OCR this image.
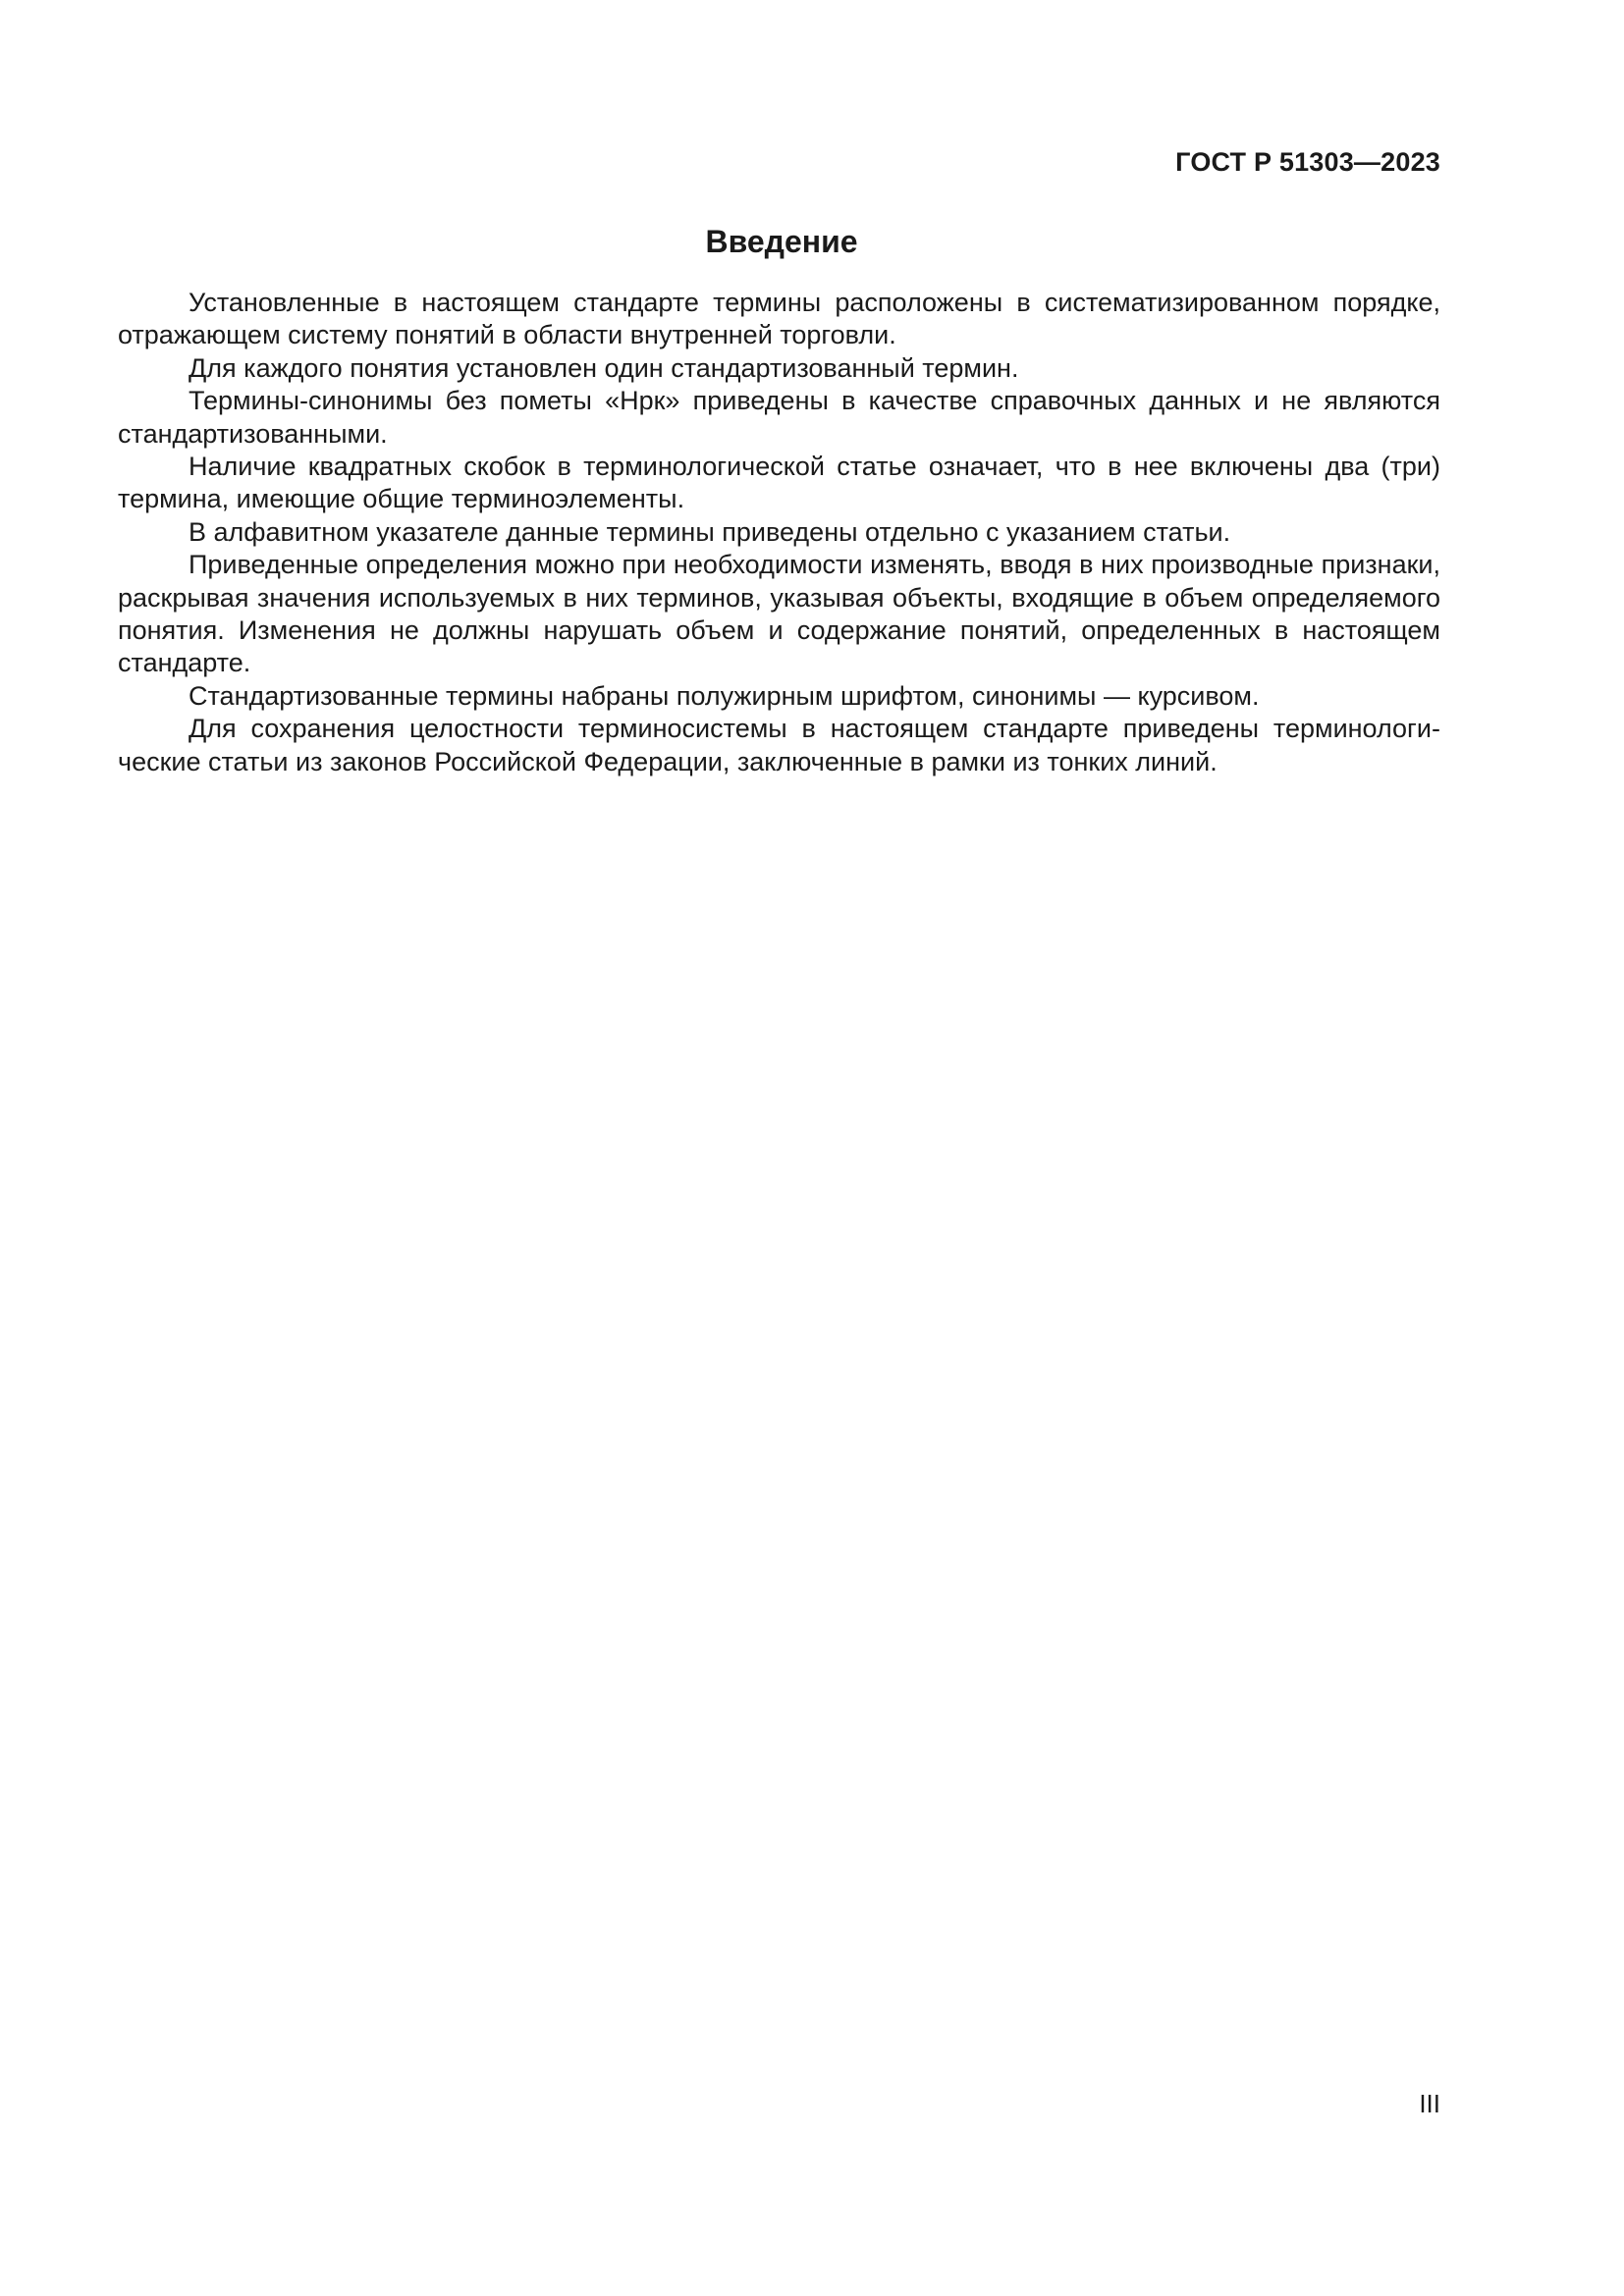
ГОСТ Р 51303—2023
Введение

Установленные в настоящем стандарте термины расположены в систематизированном порядке, отражающем систему понятий в области внутренней торговли.

Для каждого понятия установлен один стандартизованный термин.

Термины-синонимы без пометы «Нрк» приведены в качестве справочных данных и не являются стандартизованными.

Наличие квадратных скобок в терминологической статье означает, что в нее включены два (три) термина, имеющие общие терминоэлементы.

В алфавитном указателе данные термины приведены отдельно с указанием статьи.

Приведенные определения можно при необходимости изменять, вводя в них производные признаки, раскрывая значения используемых в них терминов, указывая объекты, входящие в объем определяемого понятия. Изменения не должны нарушать объем и содержание понятий, определенных в настоящем стандарте.

Стандартизованные термины набраны полужирным шрифтом, синонимы — курсивом.

Для сохранения целостности терминосистемы в настоящем стандарте приведены терминологические статьи из законов Российской Федерации, заключенные в рамки из тонких линий.

III
